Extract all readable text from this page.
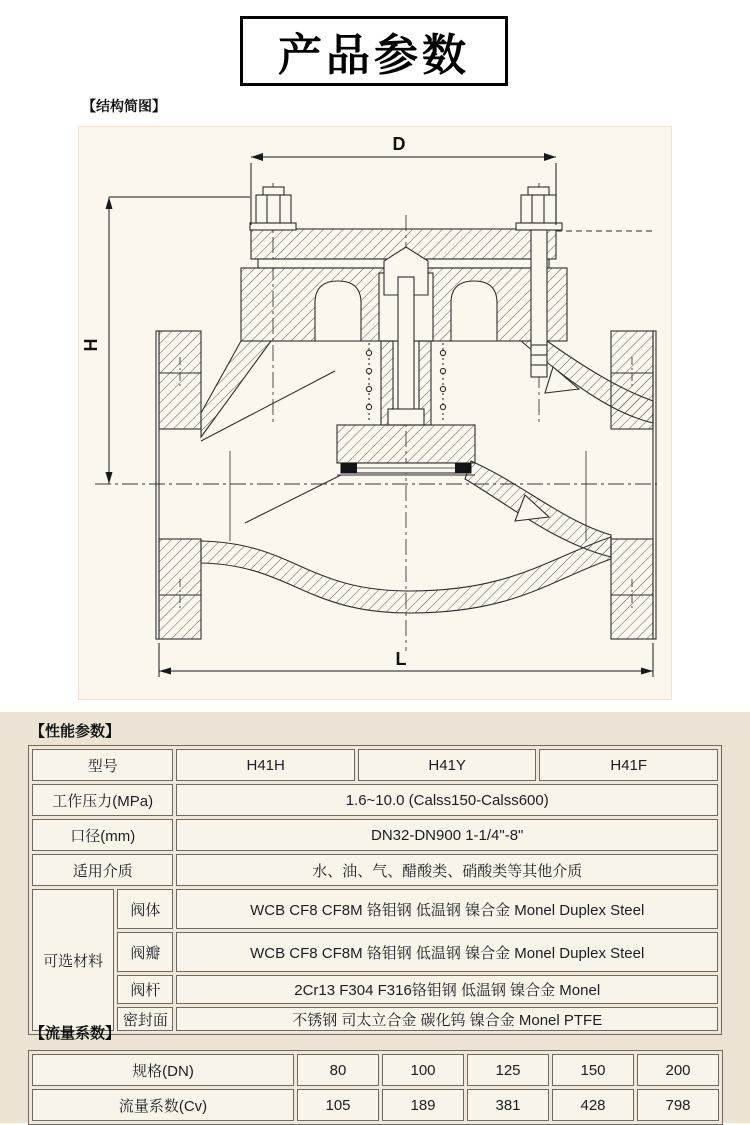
产品参数
【结构简图】
D
H
L
【性能参数】
型号		H41H	H41Y	H41F
工作压力(MPa)		1.6~10.0 (Calss150-Calss600)		
口径(mm)		DN32-DN900 1-1/4"-8"		
适用介质		水、油、气、醋酸类、硝酸类等其他介质		
可选材料	阀体	WCB CF8 CF8M 铬钼钢 低温钢 镍合金 Monel Duplex Steel		
	阀瓣	WCB CF8 CF8M 铬钼钢 低温钢 镍合金 Monel Duplex Steel		
	阀杆	2Cr13 F304 F316铬钼钢 低温钢 镍合金 Monel		
	密封面	不锈钢 司太立合金 碳化钨 镍合金 Monel PTFE		
【流量系数】
规格(DN)	80	100	125	150	200
流量系数(Cv)	105	189	381	428	798
